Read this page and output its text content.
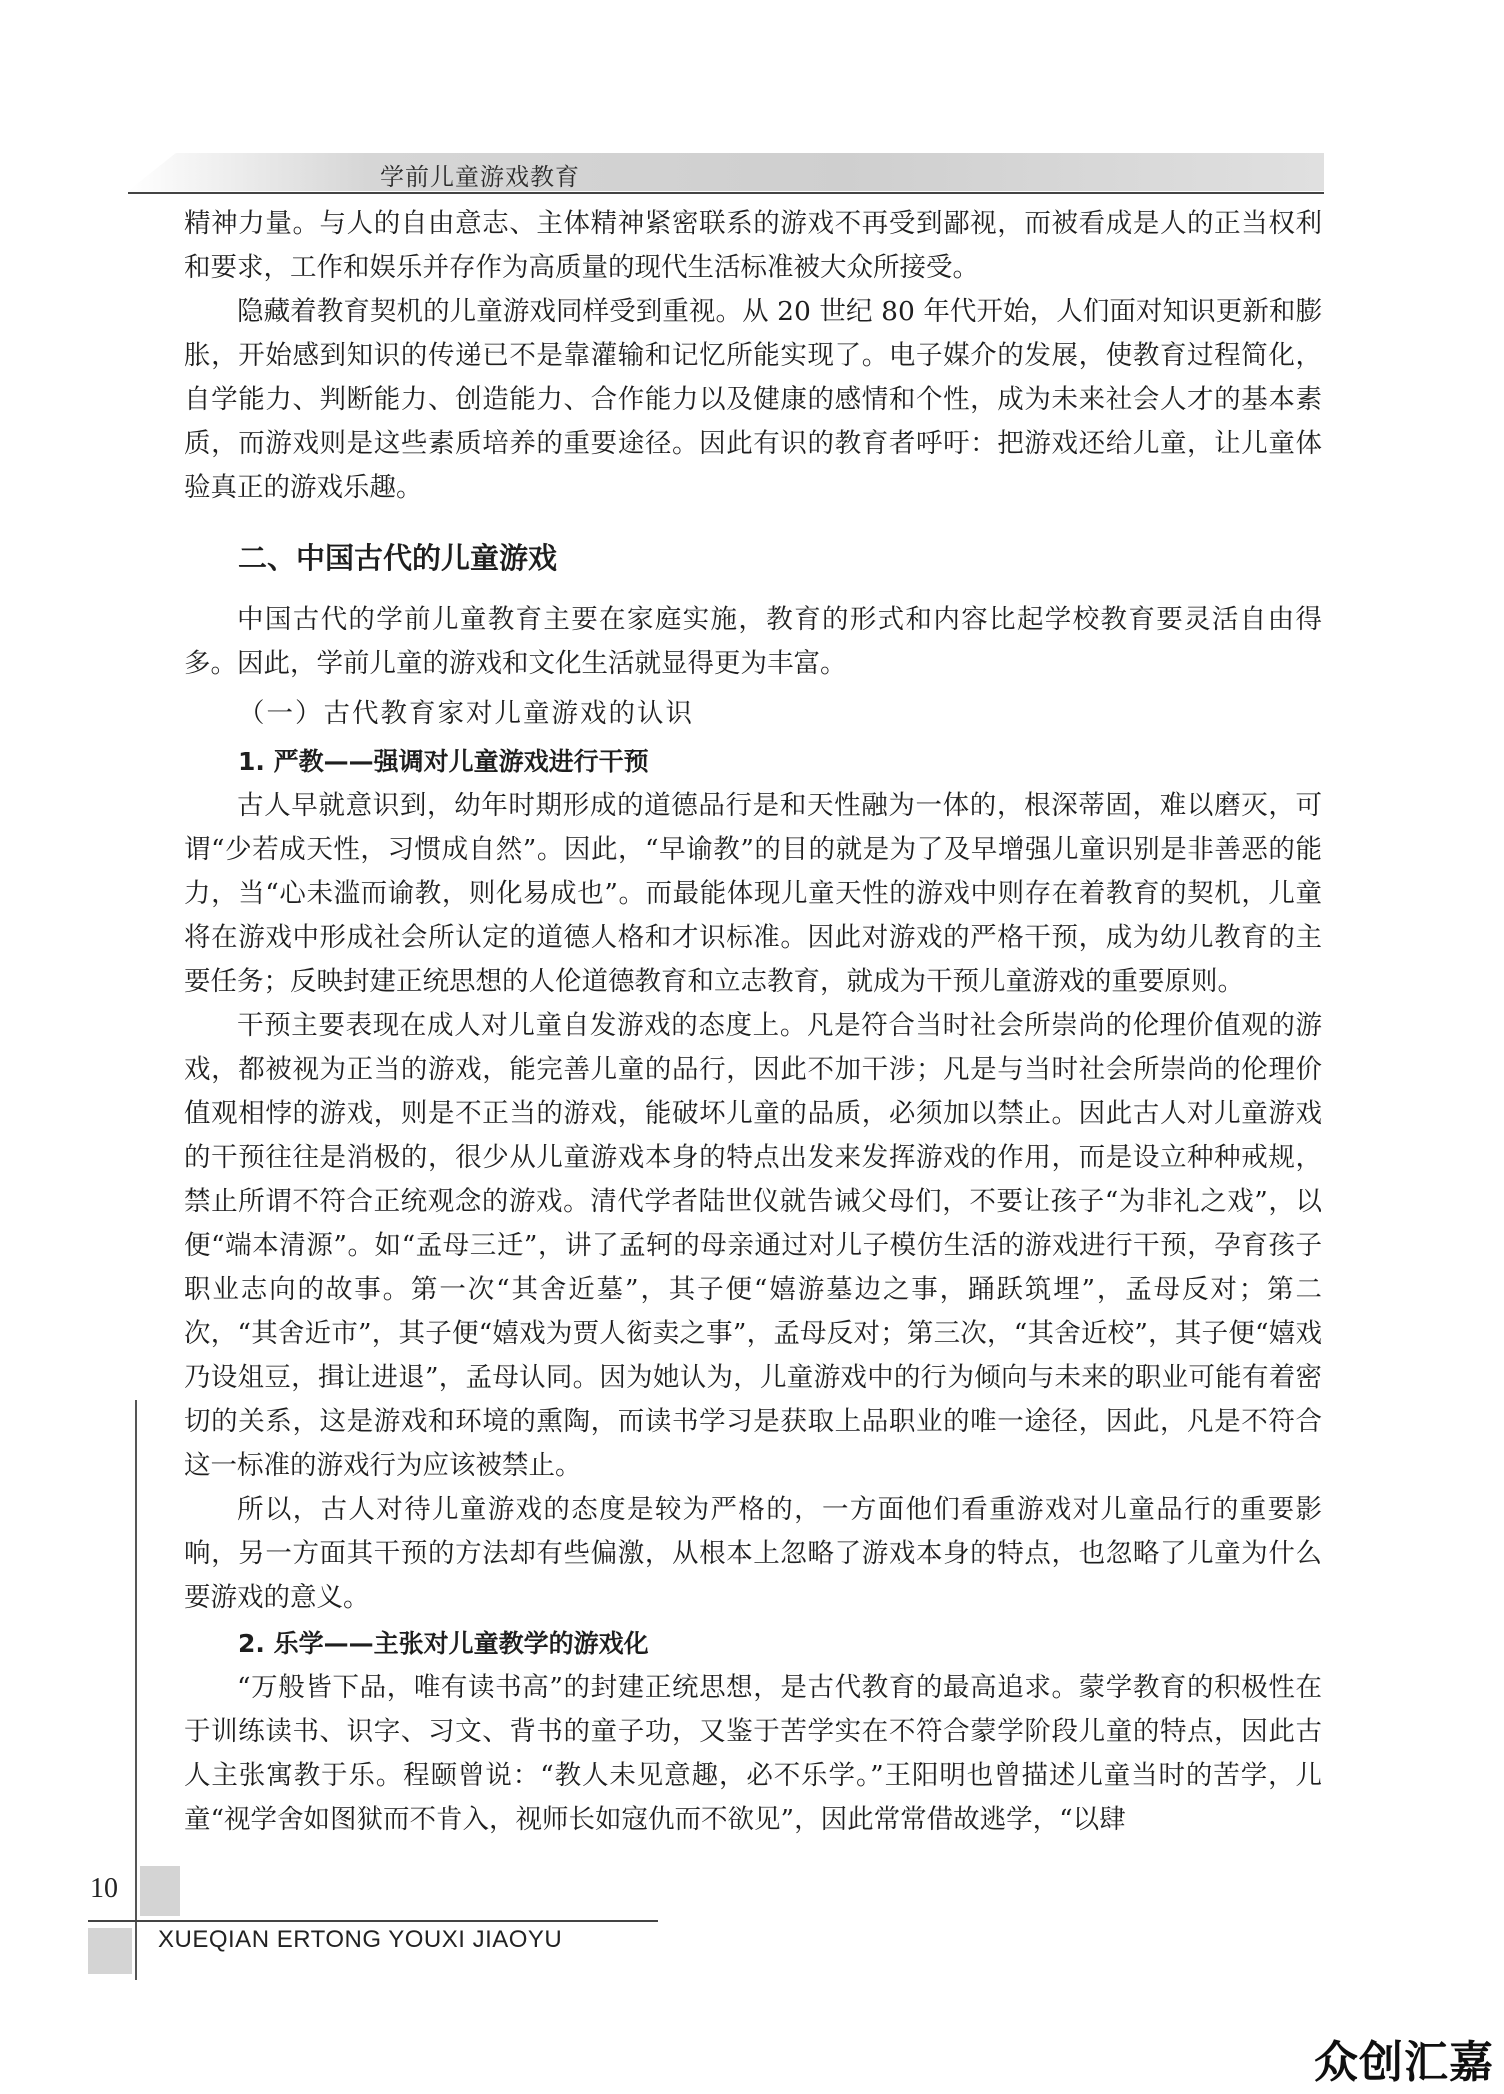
学前儿童游戏教育

精神力量。与人的自由意志、主体精神紧密联系的游戏不再受到鄙视，而被看成是人的正当权利和要求，工作和娱乐并存作为高质量的现代生活标准被大众所接受。

隐藏着教育契机的儿童游戏同样受到重视。从 20 世纪 80 年代开始，人们面对知识更新和膨胀，开始感到知识的传递已不是靠灌输和记忆所能实现了。电子媒介的发展，使教育过程简化，自学能力、判断能力、创造能力、合作能力以及健康的感情和个性，成为未来社会人才的基本素质，而游戏则是这些素质培养的重要途径。因此有识的教育者呼吁：把游戏还给儿童，让儿童体验真正的游戏乐趣。

二、中国古代的儿童游戏

中国古代的学前儿童教育主要在家庭实施，教育的形式和内容比起学校教育要灵活自由得多。因此，学前儿童的游戏和文化生活就显得更为丰富。

（一）古代教育家对儿童游戏的认识
1. 严教——强调对儿童游戏进行干预

古人早就意识到，幼年时期形成的道德品行是和天性融为一体的，根深蒂固，难以磨灭，可谓“少若成天性，习惯成自然”。因此，“早谕教”的目的就是为了及早增强儿童识别是非善恶的能力，当“心未滥而谕教，则化易成也”。而最能体现儿童天性的游戏中则存在着教育的契机，儿童将在游戏中形成社会所认定的道德人格和才识标准。因此对游戏的严格干预，成为幼儿教育的主要任务；反映封建正统思想的人伦道德教育和立志教育，就成为干预儿童游戏的重要原则。

干预主要表现在成人对儿童自发游戏的态度上。凡是符合当时社会所崇尚的伦理价值观的游戏，都被视为正当的游戏，能完善儿童的品行，因此不加干涉；凡是与当时社会所崇尚的伦理价值观相悖的游戏，则是不正当的游戏，能破坏儿童的品质，必须加以禁止。因此古人对儿童游戏的干预往往是消极的，很少从儿童游戏本身的特点出发来发挥游戏的作用，而是设立种种戒规，禁止所谓不符合正统观念的游戏。清代学者陆世仪就告诫父母们，不要让孩子“为非礼之戏”，以便“端本清源”。如“孟母三迁”，讲了孟轲的母亲通过对儿子模仿生活的游戏进行干预，孕育孩子职业志向的故事。第一次“其舍近墓”，其子便“嬉游墓边之事，踊跃筑埋”，孟母反对；第二次，“其舍近市”，其子便“嬉戏为贾人衒卖之事”，孟母反对；第三次，“其舍近校”，其子便“嬉戏乃设俎豆，揖让进退”，孟母认同。因为她认为，儿童游戏中的行为倾向与未来的职业可能有着密切的关系，这是游戏和环境的熏陶，而读书学习是获取上品职业的唯一途径，因此，凡是不符合这一标准的游戏行为应该被禁止。

所以，古人对待儿童游戏的态度是较为严格的，一方面他们看重游戏对儿童品行的重要影响，另一方面其干预的方法却有些偏激，从根本上忽略了游戏本身的特点，也忽略了儿童为什么要游戏的意义。

2. 乐学——主张对儿童教学的游戏化

“万般皆下品，唯有读书高”的封建正统思想，是古代教育的最高追求。蒙学教育的积极性在于训练读书、识字、习文、背书的童子功，又鉴于苦学实在不符合蒙学阶段儿童的特点，因此古人主张寓教于乐。程颐曾说：“教人未见意趣，必不乐学。”王阳明也曾描述儿童当时的苦学，儿童“视学舍如图狱而不肯入，视师长如寇仇而不欲见”，因此常常借故逃学，“以肆

10
XUEQIAN ERTONG YOUXI JIAOYU
众创汇嘉
